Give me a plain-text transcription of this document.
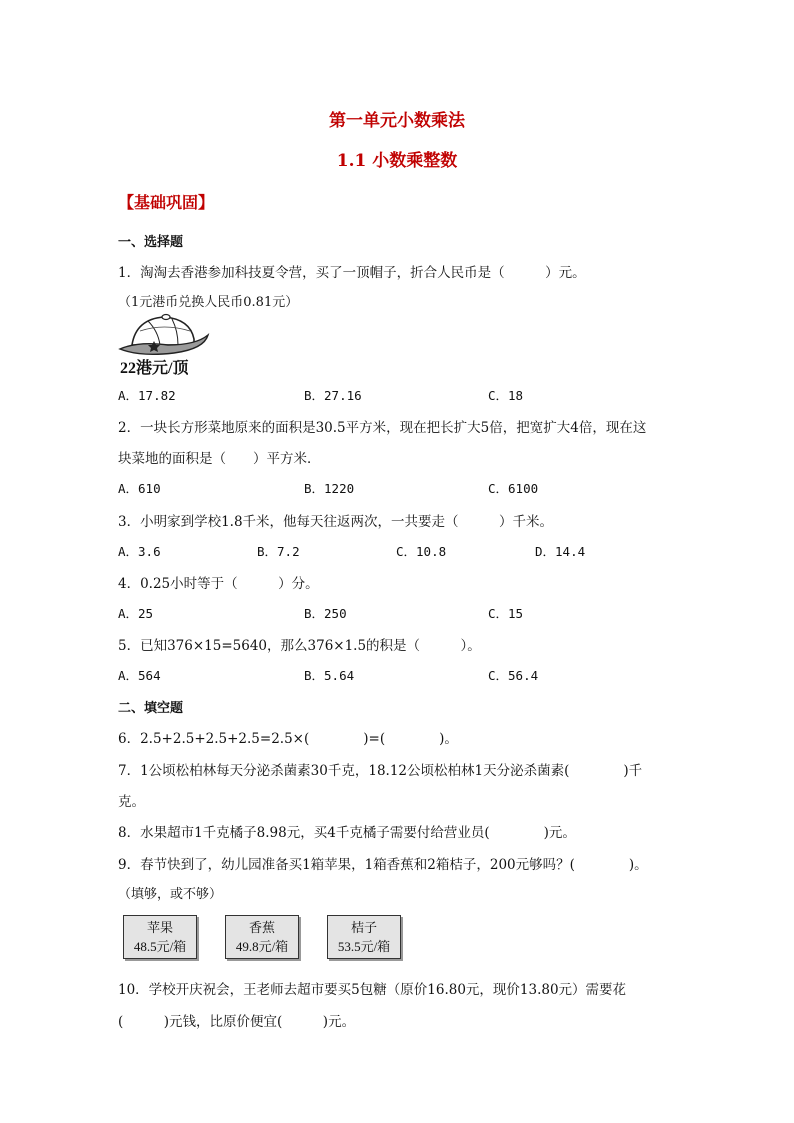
第一单元小数乘法
1.1 小数乘整数
【基础巩固】
一、选择题
1．淘淘去香港参加科技夏令营，买了一顶帽子，折合人民币是（　　　）元。
（1元港币兑换人民币0.81元）
22港元/顶
A．17.82	B．27.16	C．18
2．一块长方形菜地原来的面积是30.5平方米，现在把长扩大5倍，把宽扩大4倍，现在这
块菜地的面积是（　　）平方米．
A．610	B．1220	C．6100
3．小明家到学校1.8千米，他每天往返两次，一共要走（　　　）千米。
A．3.6	B．7.2	C．10.8	D．14.4
4．0.25小时等于（　　　）分。
A．25	B．250	C．15
5．已知376×15=5640，那么376×1.5的积是（　　　）。
A．564	B．5.64	C．56.4
二、填空题
6．2.5+2.5+2.5+2.5=2.5×(　　　　)=(　　　　)。
7．1公顷松柏林每天分泌杀菌素30千克，18.12公顷松柏林1天分泌杀菌素(　　　　)千
克。
8．水果超市1千克橘子8.98元，买4千克橘子需要付给营业员(　　　　)元。
9．春节快到了，幼儿园准备买1箱苹果，1箱香蕉和2箱桔子，200元够吗？(　　　　)。
（填够，或不够）
苹果
48.5元/箱
香蕉
49.8元/箱
桔子
53.5元/箱
10．学校开庆祝会，王老师去超市要买5包糖（原价16.80元，现价13.80元）需要花
(　　　)元钱，比原价便宜(　　　)元。
